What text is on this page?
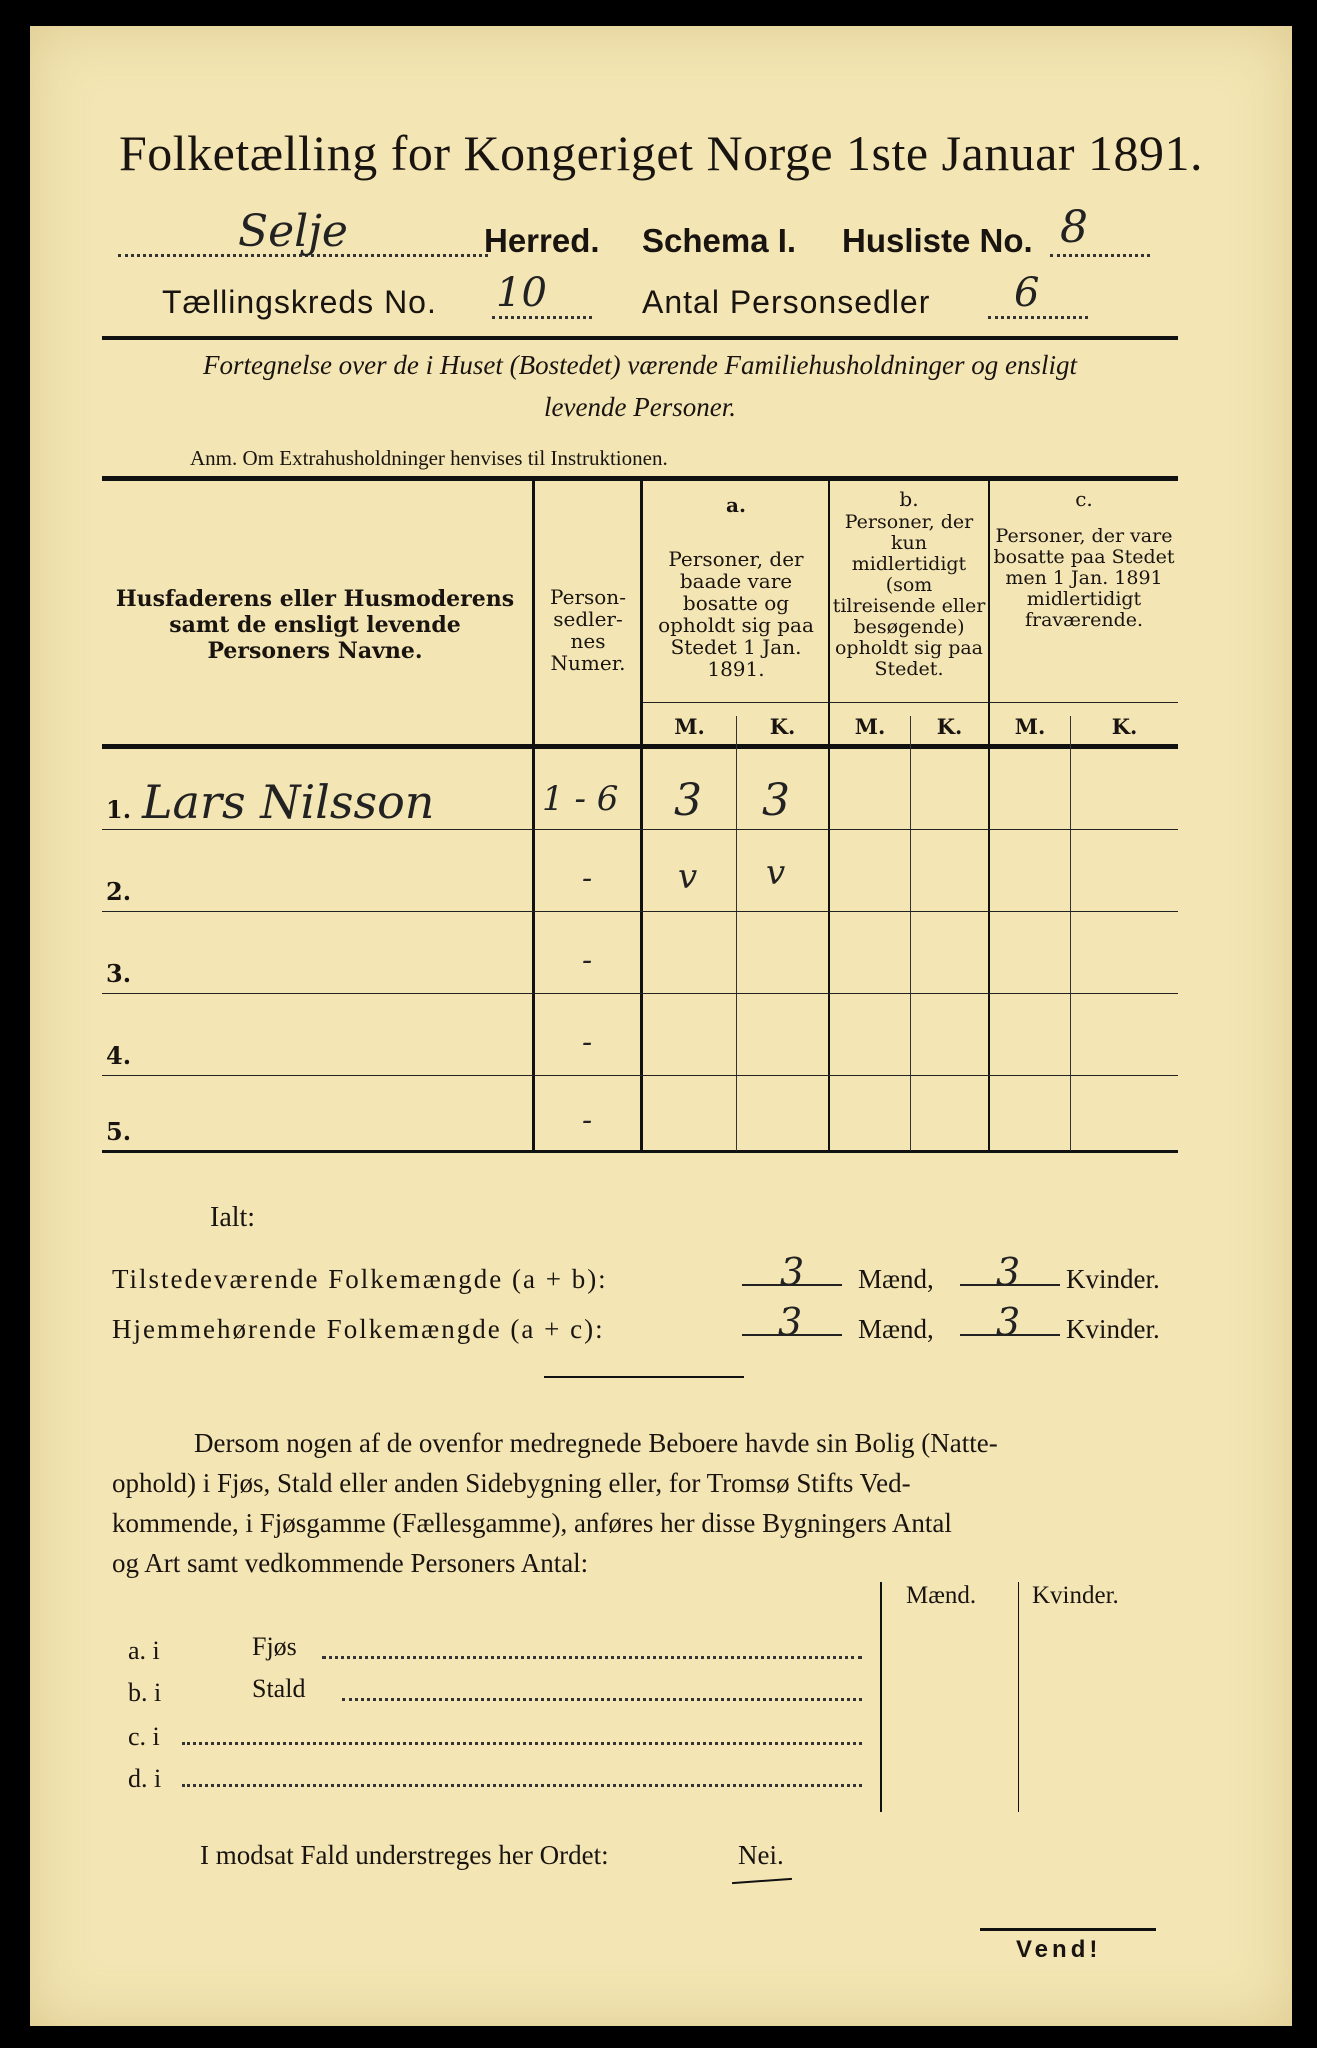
Folketælling for Kongeriget Norge 1ste Januar 1891.
Selje	Herred. Schema I. Husliste No. 8
Tællingskreds No. 10	Antal Personsedler 6
Fortegnelse over de i Huset (Bostedet) værende Familiehusholdninger og ensligt
levende Personer.
Anm. Om Extrahusholdninger henvises til Instruktionen.
Husfaderens eller Husmoderens samt de ensligt levende Personers Navne.
Person-sedler-nes Numer.
a.
Personer, der baade vare bosatte og opholdt sig paa Stedet 1 Jan. 1891.
b.
Personer, der kun midlertidigt (som tilreisende eller besøgende) opholdt sig paa Stedet.
c.
Personer, der vare bosatte paa Stedet men 1 Jan. 1891 midlertidigt fraværende.
M.	K.	M.	K.	M.	K.
1. Lars Nilsson	1 - 6 3 3
2.	-	v v
3.	-
4.	-
5.	-
Ialt:
Tilstedeværende Folkemængde (a + b):	3 Mænd, 3 Kvinder.
Hjemmehørende Folkemængde (a + c):	3 Mænd, 3 Kvinder.
Dersom nogen af de ovenfor medregnede Beboere havde sin Bolig (Natte-
ophold) i Fjøs, Stald eller anden Sidebygning eller, for Tromsø Stifts Ved-
kommende, i Fjøsgamme (Fællesgamme), anføres her disse Bygningers Antal
og Art samt vedkommende Personers Antal:
Mænd. Kvinder.
a. i	Fjøs
b. i	Stald
c. i
d. i
I modsat Fald understreges her Ordet:	Nei.
Vend!
